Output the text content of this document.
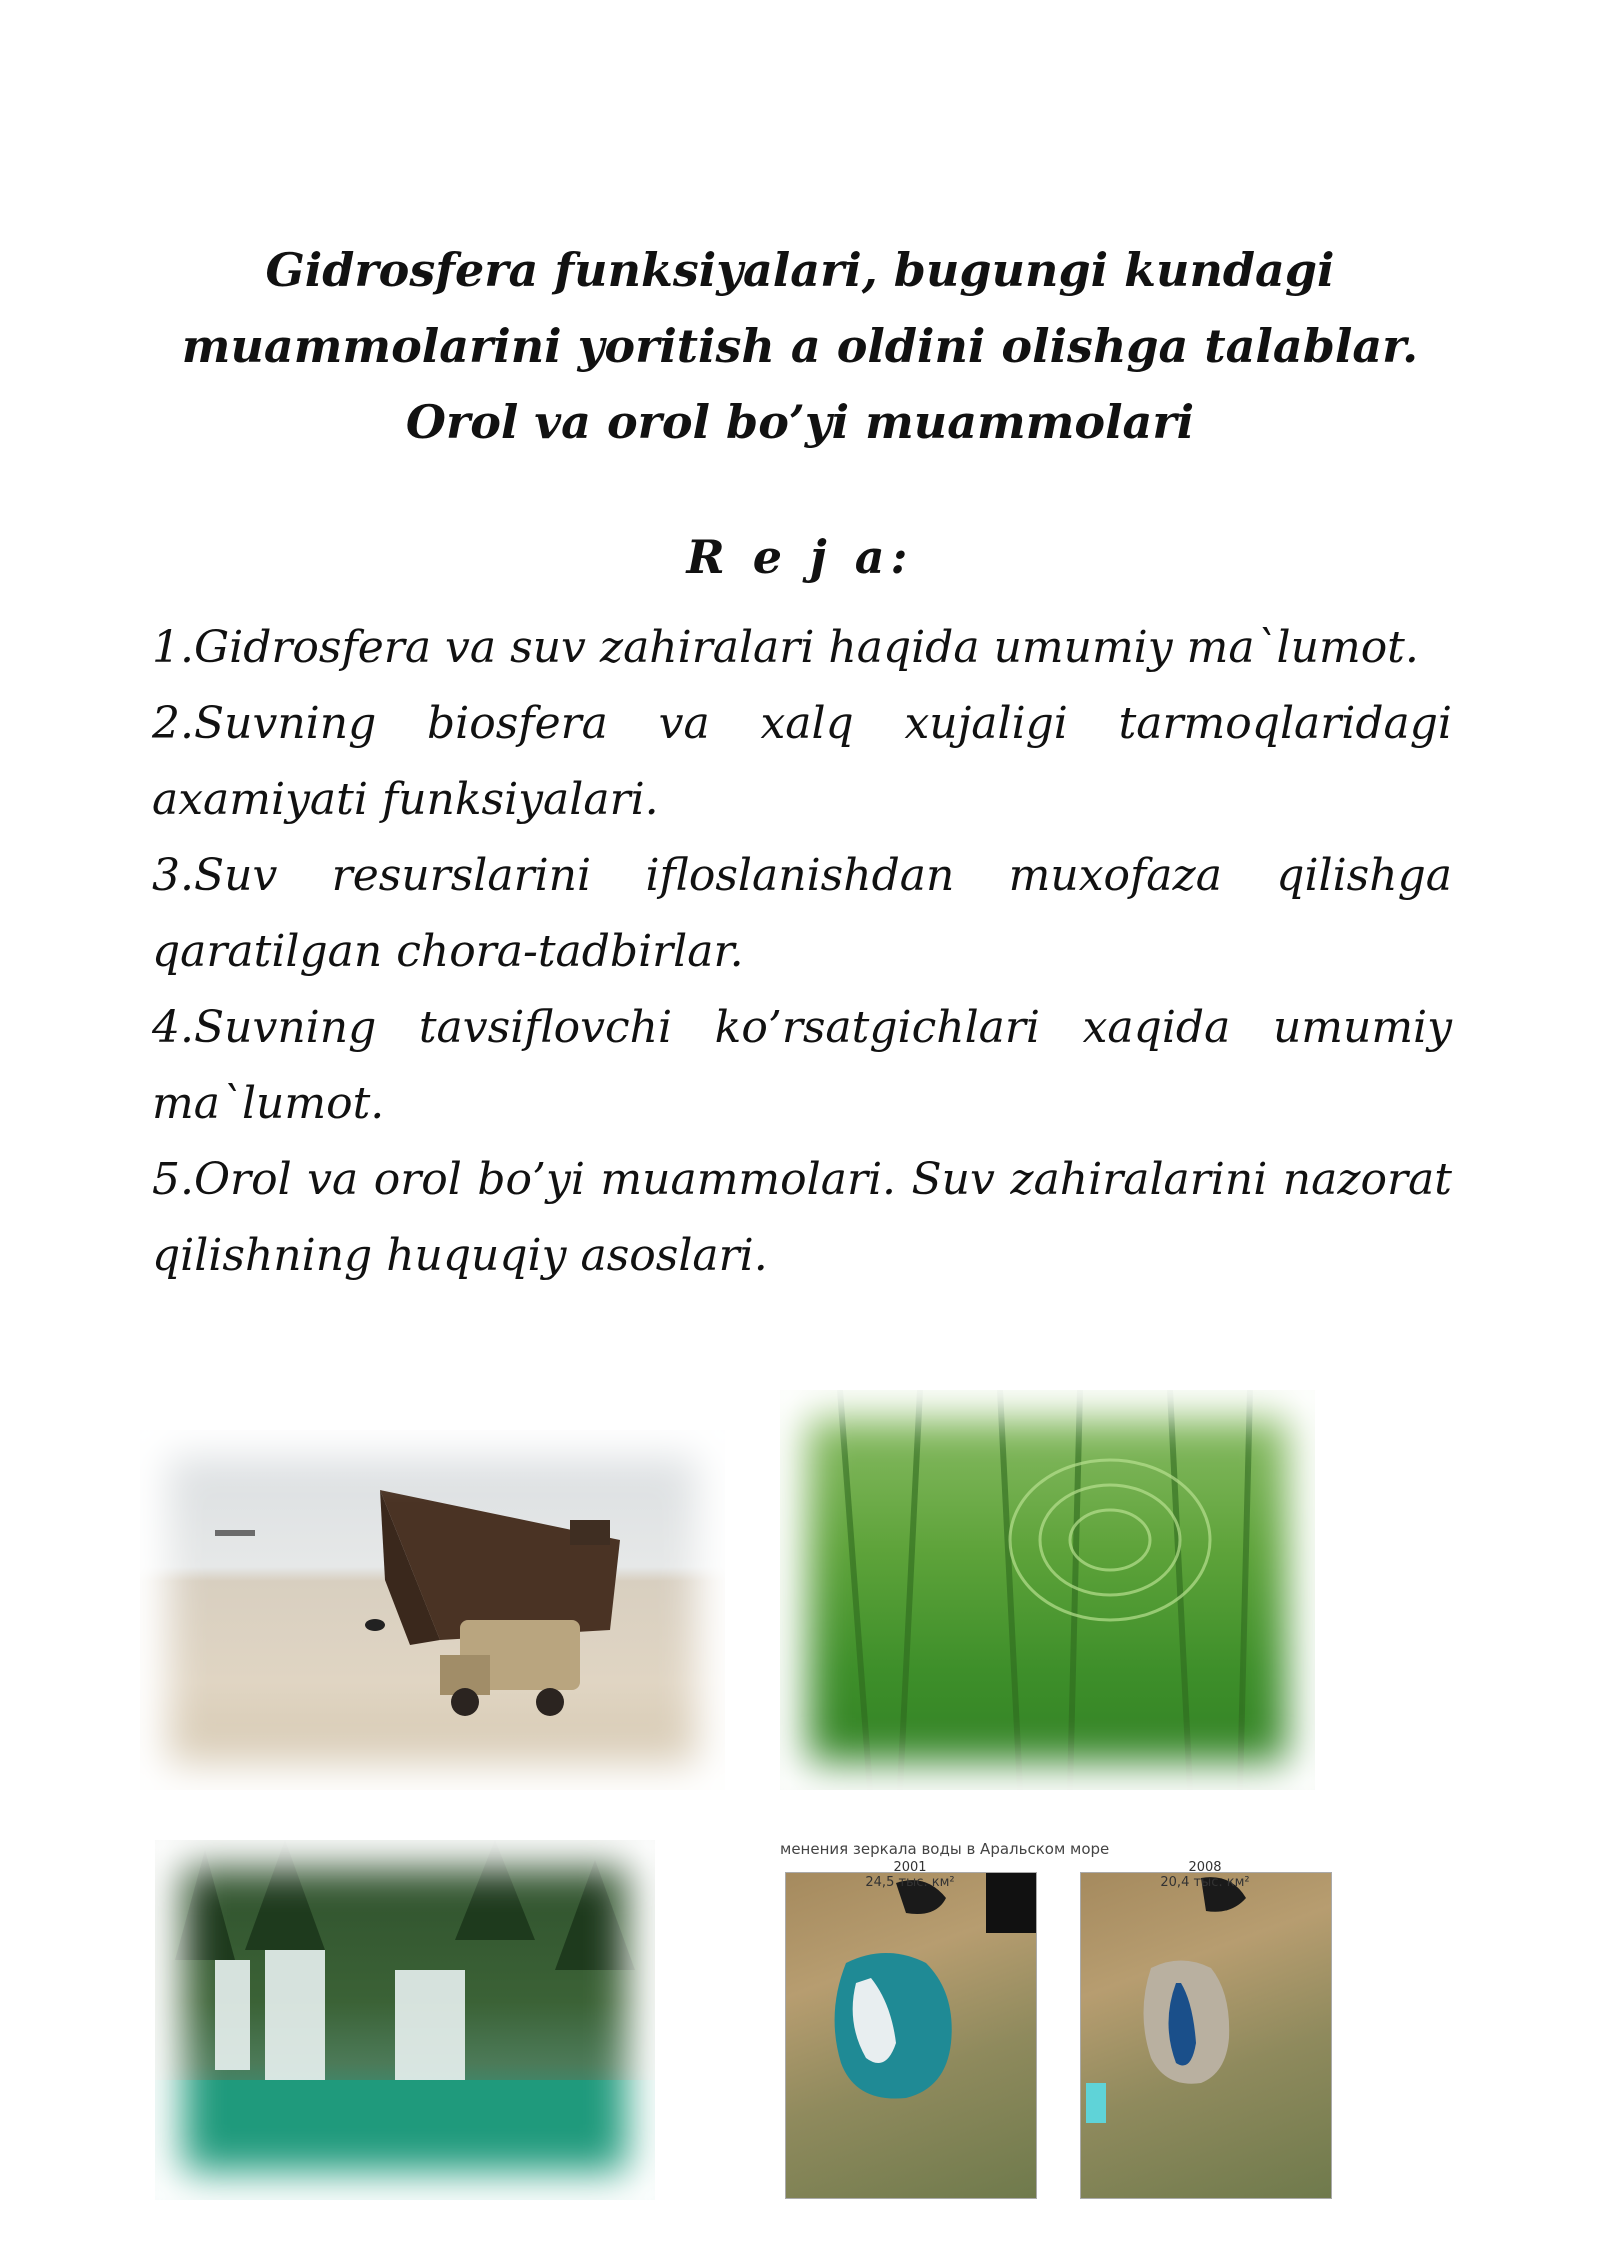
Gidrosfera funksiyalari, bugungi kundagi
muammolarini yoritish a oldini olishga talablar.
Orol va orol bo’yi muammolari
R e j a:

1.Gidrosfera va suv zahiralari haqida umumiy ma`lumot.

2.Suvning biosfera va xalq xujaligi tarmoqlaridagi axamiyati funksiyalari.

3.Suv resurslarini ifloslanishdan muxofaza qilishga qaratilgan chora-tadbirlar.

4.Suvning tavsiflovchi ko’rsatgichlari xaqida umumiy ma`lumot.

5.Orol va orol bo’yi muammolari. Suv zahiralarini nazorat qilishning huquqiy asoslari.

менения зеркала воды в Аральском море
2001
24,5 тыс. км²
2008
20,4 тыс. км²
